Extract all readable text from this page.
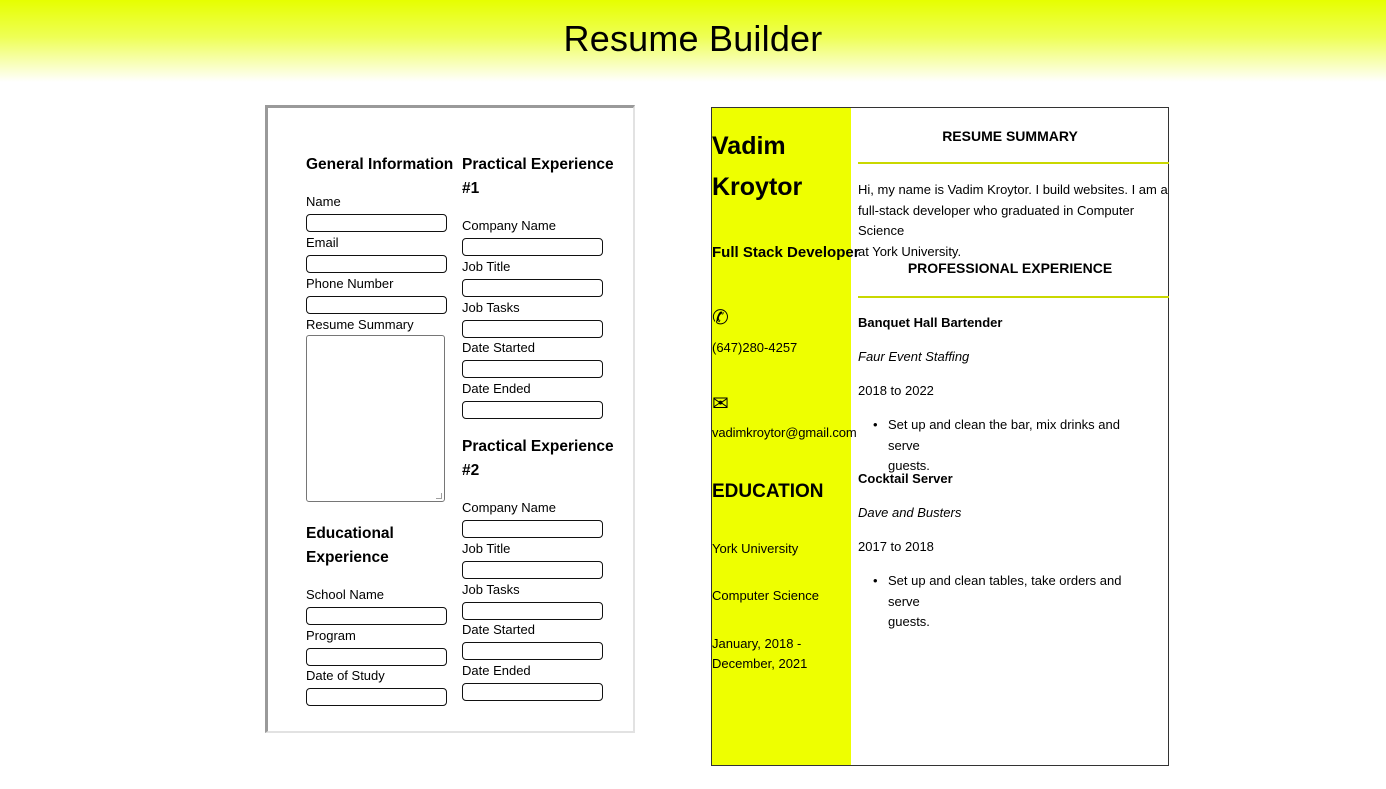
Resume Builder
General Information
Name
Email
Phone Number
Resume Summary
Educational
Experience
School Name
Program
Date of Study
Practical Experience
#1
Company Name
Job Title
Job Tasks
Date Started
Date Ended
Practical Experience
#2
Company Name
Job Title
Job Tasks
Date Started
Date Ended
Vadim
Kroytor
Full Stack Developer
✆
(647)280-4257
✉
vadimkroytor@gmail.com
EDUCATION
York University
Computer Science
January, 2018 -
December, 2021
RESUME SUMMARY
Hi, my name is Vadim Kroytor. I build websites. I am a
full-stack developer who graduated in Computer Science
at York University.
PROFESSIONAL EXPERIENCE
Banquet Hall Bartender
Faur Event Staffing
2018 to 2022
• Set up and clean the bar, mix drinks and serve
guests.
Cocktail Server
Dave and Busters
2017 to 2018
• Set up and clean tables, take orders and serve
guests.
